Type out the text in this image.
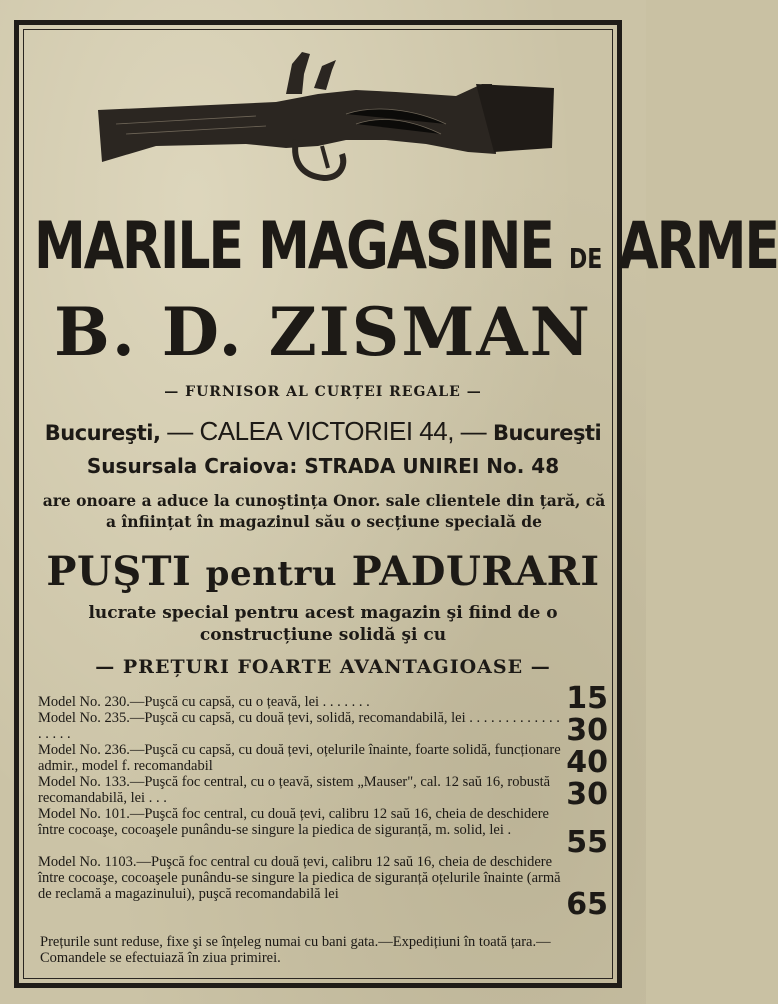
MARILE MAGASINE DE ARME
B. D. ZISMAN
— FURNISOR AL CURȚEI REGALE —
Bucureşti, — CALEA VICTORIEI 44, — Bucureşti
Susursala Craiova: STRADA UNIREI No. 48
are onoare a aduce la cunoştința Onor. sale clientele din țară, că a înființat în magazinul său o secțiune specială de
PUŞTI pentru PADURARI
lucrate special pentru acest magazin şi fiind de o construcțiune solidă şi cu
— PREȚURI FOARTE AVANTAGIOASE —
Model No. 230.—Puşcă cu capsă, cu o țeavă, lei . . . . . . .	15
Model No. 235.—Puşcă cu capsă, cu două țevi, solidă, recomandabilă, lei . . . . . . . . . . . . . . . . . .	30
Model No. 236.—Puşcă cu capsă, cu două țevi, oțelurile înainte, foarte solidă, funcționare admir., model f. recomandabil	40
Model No. 133.—Puşcă foc central, cu o țeavă, sistem „Mauser", cal. 12 saŭ 16, robustă recomandabilă, lei . . .	30
Model No. 101.—Puşcă foc central, cu două țevi, calibru 12 saŭ 16, cheia de deschidere între cocoaşe, cocoaşele punându-se singure la piedica de siguranță, m. solid, lei .	55
Model No. 1103.—Puşcă foc central cu două țevi, calibru 12 saŭ 16, cheia de deschidere între cocoaşe, cocoaşele punându-se singure la piedica de siguranță oțelurile înainte (armă de reclamă a magazinului), puşcă recomandabilă lei	65
Prețurile sunt reduse, fixe şi se înțeleg numai cu bani gata.—Expedițiuni în toată țara.—Comandele se efectuiază în ziua primirei.
